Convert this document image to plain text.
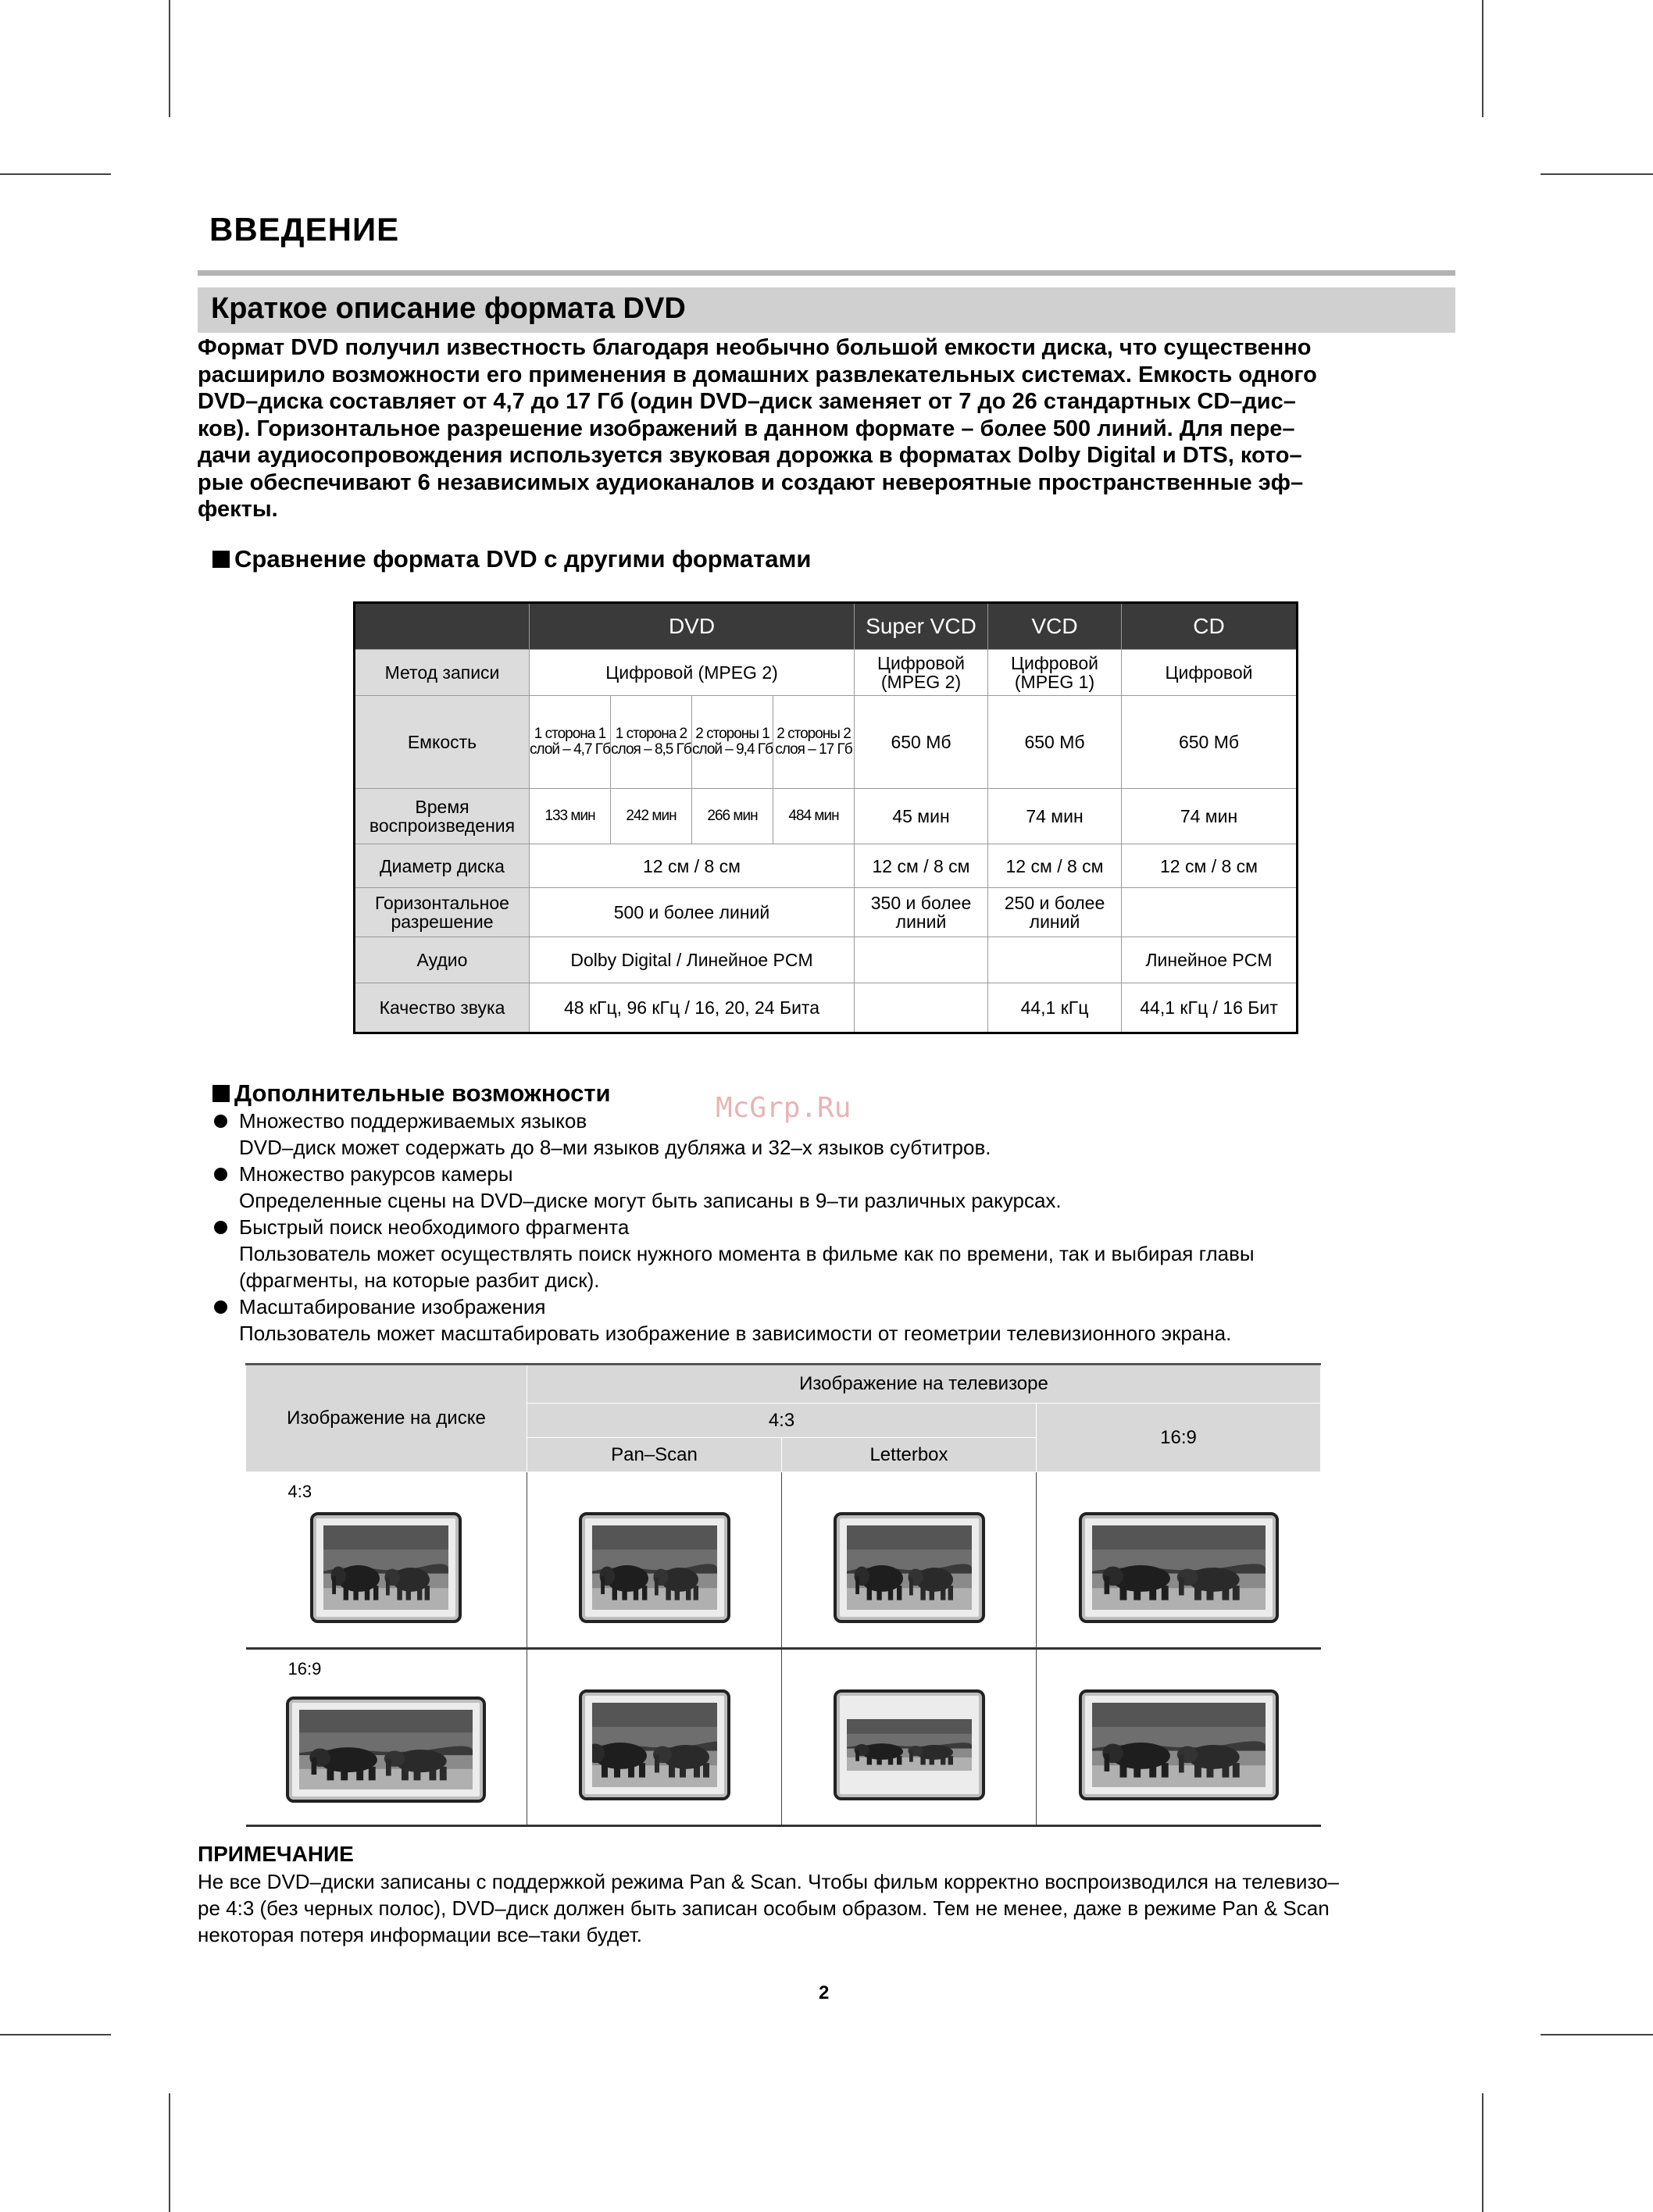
ВВЕДЕНИЕ
Краткое описание формата DVD
Формат DVD получил известность благодаря необычно большой емкости диска, что существенно
расширило возможности его применения в домашних развлекательных системах. Емкость одного
DVD–диска составляет от 4,7 до 17 Гб (один DVD–диск заменяет от 7 до 26 стандартных CD–дис–
ков). Горизонтальное разрешение изображений в данном формате – более 500 линий. Для пере–
дачи аудиосопровождения используется звуковая дорожка в форматах Dolby Digital и DTS, кото–
рые обеспечивают 6 независимых аудиоканалов и создают невероятные пространственные эф–
фекты.
Сравнение формата DVD с другими форматами
	DVD				Super VCD	VCD	CD
Метод записи	Цифровой (MPEG 2)				Цифровой (MPEG 2)	Цифровой (MPEG 1)	Цифровой
Емкость	1 сторона 1 слой – 4,7 Гб	1 сторона 2 слоя – 8,5 Гб	2 стороны 1 слой – 9,4 Гб	2 стороны 2 слоя – 17 Гб	650 Мб	650 Мб	650 Мб
Время воспроизведения	133 мин	242 мин	266 мин	484 мин	45 мин	74 мин	74 мин
Диаметр диска	12 см / 8 см				12 см / 8 см	12 см / 8 см	12 см / 8 см
Горизонтальное разрешение	500 и более линий				350 и более линий	250 и более линий	
Аудио	Dolby Digital / Линейное PCM						Линейное PCM
Качество звука	48 кГц, 96 кГц / 16, 20, 24 Бита					44,1 кГц	44,1 кГц / 16 Бит
Дополнительные возможности	McGrp.Ru
Множество поддерживаемых языков
DVD–диск может содержать до 8–ми языков дубляжа и 32–х языков субтитров.
Множество ракурсов камеры
Определенные сцены на DVD–диске могут быть записаны в 9–ти различных ракурсах.
Быстрый поиск необходимого фрагмента
Пользователь может осуществлять поиск нужного момента в фильме как по времени, так и выбирая главы
(фрагменты, на которые разбит диск).
Масштабирование изображения
Пользователь может масштабировать изображение в зависимости от геометрии телевизионного экрана.
Изображение на диске	Изображение на телевизоре		
	4:3		16:9
	Pan–Scan	Letterbox	

4:3

16:9

ПРИМЕЧАНИЕ
Не все DVD–диски записаны с поддержкой режима Pan & Scan. Чтобы фильм корректно воспроизводился на телевизо–
ре 4:3 (без черных полос), DVD–диск должен быть записан особым образом. Тем не менее, даже в режиме Pan & Scan
некоторая потеря информации все–таки будет.
2
